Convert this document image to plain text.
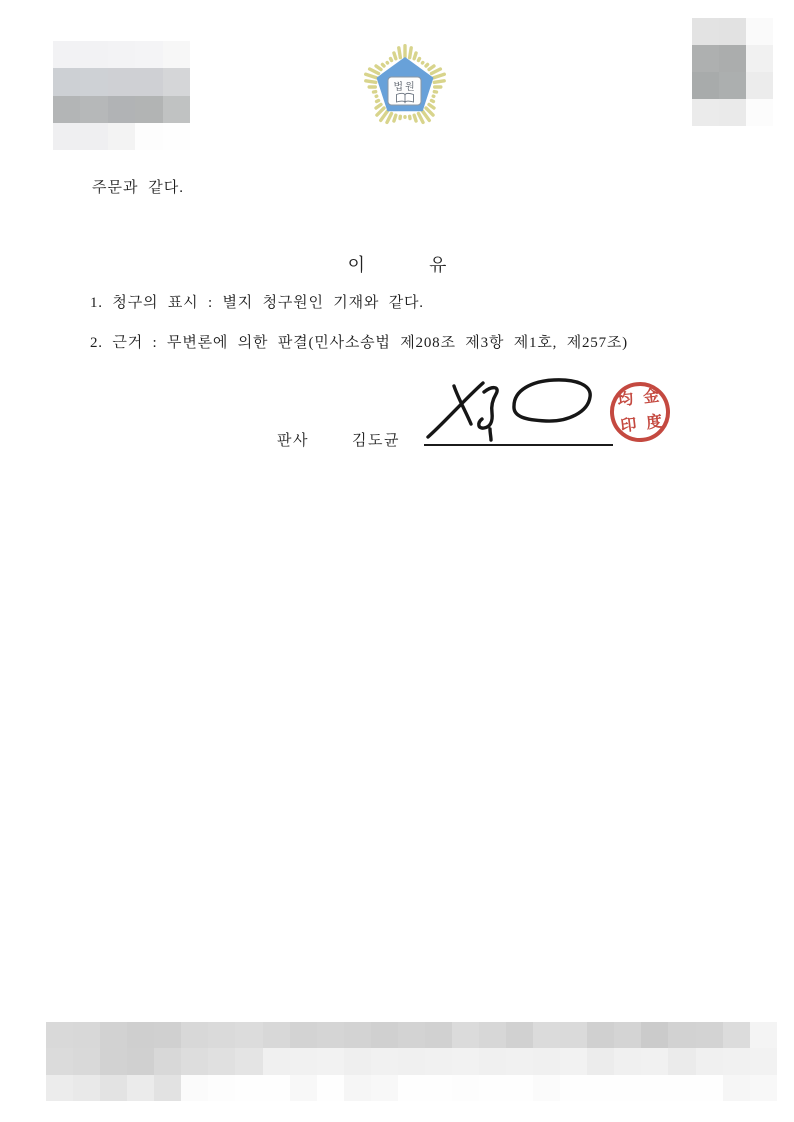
법원
주문과 같다.
이	유
1. 청구의 표시 : 별지 청구원인 기재와 같다.
2. 근거 : 무변론에 의한 판결(민사소송법 제208조 제3항 제1호, 제257조)
판사	김도균
均 金
印 度
